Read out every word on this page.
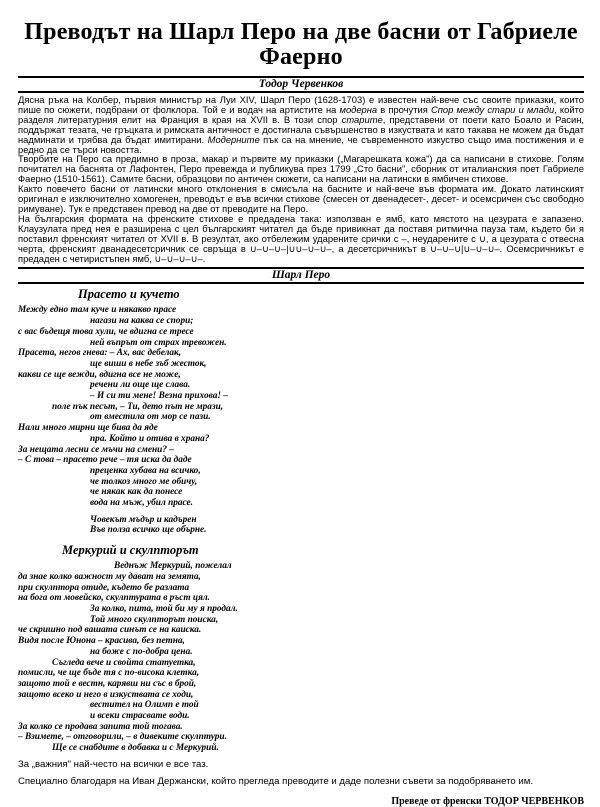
Преводът на Шарл Перо на две басни от Габриеле Фаерно
Тодор Червенков

Дясна ръка на Колбер, първия министър на Луи XIV, Шарл Перо (1628-1703) е известен най-вече със своите приказки, които пише по сюжети, подбрани от фолклора. Той е и водач на артистите на модерна в прочутия Спор между стари и млади, който разделя литературния елит на Франция в края на XVII в. В този спор старите, представени от поети като Боало и Расин, поддържат тезата, че гръцката и римската античност е достигнала съвършенство в изкуствата и като такава не можем да бъдат надминати и трябва да бъдат имитирани. Модерните пък са на мнение, че съвременното изкуство също има постижения и е редно да се търси новостта.

Творбите на Перо са предимно в проза, макар и първите му приказки („Магарешката кожа") да са написани в стихове. Голям почитател на баснята от Лафонтен, Перо превежда и публикува през 1799 „Сто басни", сборник от италианския поет Габриеле Фаерно (1510-1561). Самите басни, образцови по античен сюжети, са написани на латински в ямбичен стихове.

Както повечето басни от латински много отклонения в смисъла на басните и най-вече във формата им. Докато латинският оригинал е изключително хомогенен, преводът е във всички стихове (смесен от двенадесет-, десет- и осемсричен със свободно римуване). Тук е представен превод на две от преводите на Перо.

На българския формата на френските стихове е предадена така: използван е ямб, като мястото на цезурата е запазено. Клаузулата пред нея е разширена с цел българският читател да бъде привикнат да поставя ритмична пауза там, където би я поставил френският читател от XVII в. В резултат, ако отбележим ударените срички с –, неударените с ∪, а цезурата с отвесна черта, френският дванадесетсричник се свръща в ∪–∪–∪–|∪∪–∪–∪–, а десетсричникът в ∪–∪–∪|∪–∪–∪–. Осемсричникът е предаден с четиристъпен ямб, ∪–∪–∪–∪–.

Шарл Перо
Прасето и кучето
Между едно там куче и някакво прасе
нагази на каква се спори;
с вас бъдещя това хули, че вдигна се тресе
ней въпрът от страх тревожен.
Прасета, негов гнева: – Ах, вас дебелак,
ще виши в небе зъб жесток,
какви се ще вежди, вдигна все не може,
речени ли още ще слава.
– И си ти мене! Везна прихова! –
поле пък песът, – Ти, дето път не мрази,
от вместила от мор се пази.
Нали много мирни ще бива да яде
пра. Който и отива в храна?
За нещата лесни се мъчи на смени? –
– С това – прасето рече – тя иска да даде
преценка хубава на всичко,
че толкоз много ме обичу,
че някак как да понесе
вода на мъж, убил прасе.
Човекът мъдър и кадърен
Във полза всичко ще обърне.
Меркурий и скулпторът
Веднъж Меркурий, пожелал
да знае колко важност му дават на земята,
при скулптора отиде, където бе разлата
на бога от мовейско, скулптурата в ръст цял.
За колко, пита, той би му я продал.
Той много скулпторът поиска,
че скришно под вашата синът се на каиска.
Видя после Юнона – красива, без петна,
на боже с по-добра цена.
Съгледа вече и свойта статуетка,
помисли, че ще бъде тя с по-висока клетка,
защото той е вестн, карявш ни със в брой,
защото всеко и него в изкуствата се ходи,
вестител на Олимп е той
и всеки страсвате води.
За колко се продава запита той тогава.
– Взимете, – отговорили, – в дивеките скулптури.
Ще се снабдите в добавка и с Меркурий.

За „важния" най-често на всички е все таз.

Специално благодаря на Иван Держански, който прегледа преводите и даде полезни съвети за подобряването им.

Преведе от френски ТОДОР ЧЕРВЕНКОВ
